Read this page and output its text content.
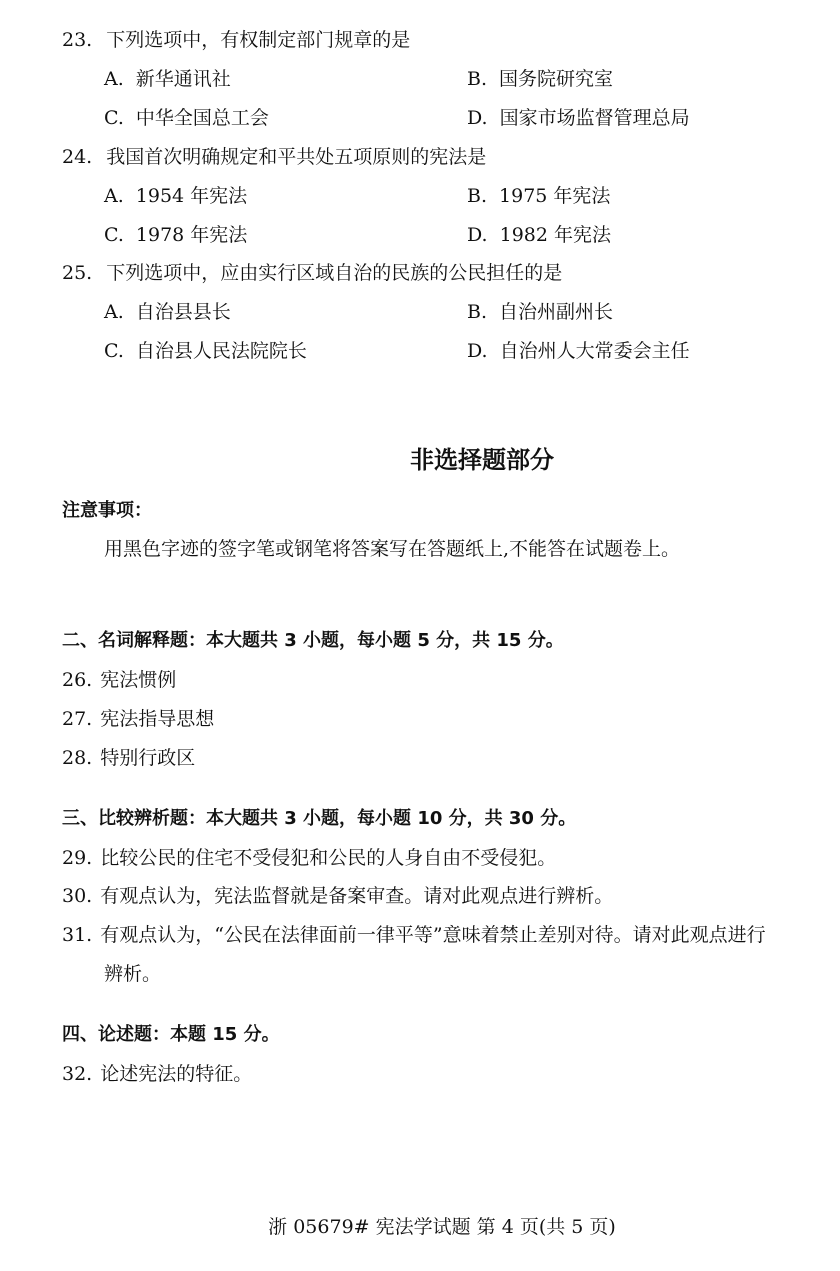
23. 下列选项中，有权制定部门规章的是
A. 新华通讯社	B. 国务院研究室
C. 中华全国总工会	D. 国家市场监督管理总局
24. 我国首次明确规定和平共处五项原则的宪法是
A. 1954 年宪法	B. 1975 年宪法
C. 1978 年宪法	D. 1982 年宪法
25. 下列选项中，应由实行区域自治的民族的公民担任的是
A. 自治县县长	B. 自治州副州长
C. 自治县人民法院院长	D. 自治州人大常委会主任
非选择题部分
注意事项：
用黑色字迹的签字笔或钢笔将答案写在答题纸上,不能答在试题卷上。
二、名词解释题：本大题共 3 小题，每小题 5 分，共 15 分。
26. 宪法惯例
27. 宪法指导思想
28. 特别行政区
三、比较辨析题：本大题共 3 小题，每小题 10 分，共 30 分。
29. 比较公民的住宅不受侵犯和公民的人身自由不受侵犯。
30. 有观点认为，宪法监督就是备案审查。请对此观点进行辨析。
31. 有观点认为，“公民在法律面前一律平等”意味着禁止差别对待。请对此观点进行
辨析。
四、论述题：本题 15 分。
32. 论述宪法的特征。
浙 05679# 宪法学试题 第 4 页(共 5 页)
